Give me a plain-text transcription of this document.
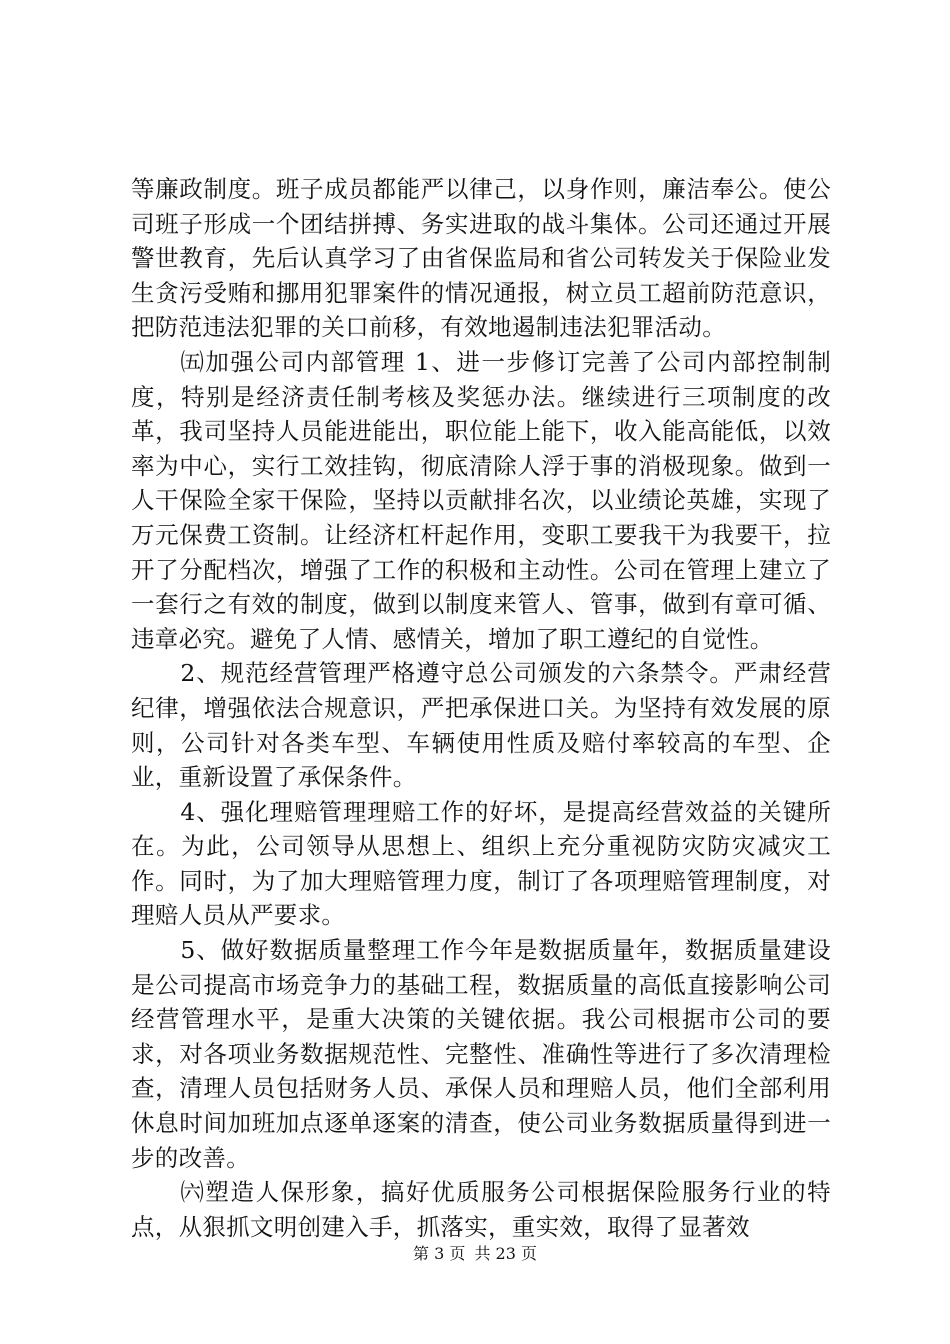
等廉政制度。班子成员都能严以律己，以身作则，廉洁奉公。使公司班子形成一个团结拼搏、务实进取的战斗集体。公司还通过开展警世教育，先后认真学习了由省保监局和省公司转发关于保险业发生贪污受贿和挪用犯罪案件的情况通报，树立员工超前防范意识，把防范违法犯罪的关口前移，有效地遏制违法犯罪活动。

㈤加强公司内部管理 1、进一步修订完善了公司内部控制制度，特别是经济责任制考核及奖惩办法。继续进行三项制度的改革，我司坚持人员能进能出，职位能上能下，收入能高能低，以效率为中心，实行工效挂钩，彻底清除人浮于事的消极现象。做到一人干保险全家干保险，坚持以贡献排名次，以业绩论英雄，实现了万元保费工资制。让经济杠杆起作用，变职工要我干为我要干，拉开了分配档次，增强了工作的积极和主动性。公司在管理上建立了一套行之有效的制度，做到以制度来管人、管事，做到有章可循、违章必究。避免了人情、感情关，增加了职工遵纪的自觉性。

2、规范经营管理严格遵守总公司颁发的六条禁令。严肃经营纪律，增强依法合规意识，严把承保进口关。为坚持有效发展的原则，公司针对各类车型、车辆使用性质及赔付率较高的车型、企业，重新设置了承保条件。

4、强化理赔管理理赔工作的好坏，是提高经营效益的关键所在。为此，公司领导从思想上、组织上充分重视防灾防灾减灾工作。同时，为了加大理赔管理力度，制订了各项理赔管理制度，对理赔人员从严要求。

5、做好数据质量整理工作今年是数据质量年，数据质量建设是公司提高市场竞争力的基础工程，数据质量的高低直接影响公司经营管理水平，是重大决策的关键依据。我公司根据市公司的要求，对各项业务数据规范性、完整性、准确性等进行了多次清理检查，清理人员包括财务人员、承保人员和理赔人员，他们全部利用休息时间加班加点逐单逐案的清查，使公司业务数据质量得到进一步的改善。

㈥塑造人保形象，搞好优质服务公司根据保险服务行业的特点，从狠抓文明创建入手，抓落实，重实效，取得了显著效

第 3 页 共 23 页
